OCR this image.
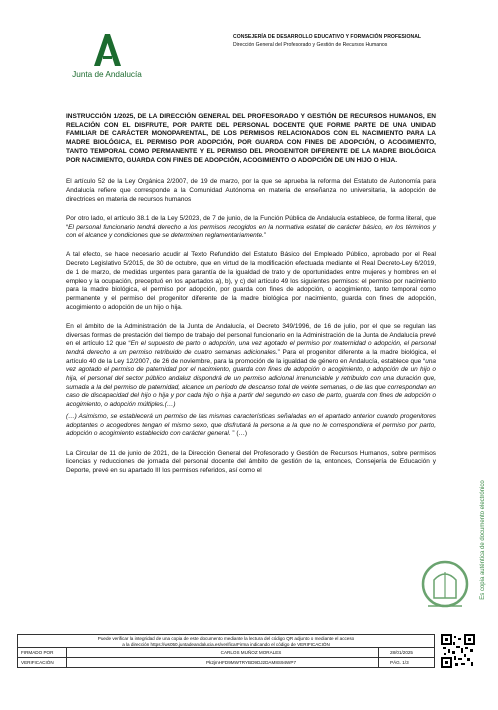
Junta de Andalucía
CONSEJERÍA DE DESARROLLO EDUCATIVO Y FORMACIÓN PROFESIONAL
Dirección General del Profesorado y Gestión de Recursos Humanos

INSTRUCCIÓN 1/2025, DE LA DIRECCIÓN GENERAL DEL PROFESORADO Y GESTIÓN DE RECURSOS HUMANOS, EN RELACIÓN CON EL DISFRUTE, POR PARTE DEL PERSONAL DOCENTE QUE FORME PARTE DE UNA UNIDAD FAMILIAR DE CARÁCTER MONOPARENTAL, DE LOS PERMISOS RELACIONADOS CON EL NACIMIENTO PARA LA MADRE BIOLÓGICA, EL PERMISO POR ADOPCIÓN, POR GUARDA CON FINES DE ADOPCIÓN, O ACOGIMIENTO, TANTO TEMPORAL COMO PERMANENTE Y EL PERMISO DEL PROGENITOR DIFERENTE DE LA MADRE BIOLÓGICA POR NACIMIENTO, GUARDA CON FINES DE ADOPCIÓN, ACOGIMIENTO O ADOPCIÓN DE UN HIJO O HIJA.

El artículo 52 de la Ley Orgánica 2/2007, de 19 de marzo, por la que se aprueba la reforma del Estatuto de Autonomía para Andalucía refiere que corresponde a la Comunidad Autónoma en materia de enseñanza no universitaria, la adopción de directrices en materia de recursos humanos

Por otro lado, el artículo 38.1 de la Ley 5/2023, de 7 de junio, de la Función Pública de Andalucía establece, de forma literal, que “El personal funcionario tendrá derecho a los permisos recogidos en la normativa estatal de carácter básico, en los términos y con el alcance y condiciones que se determinen reglamentariamente.”

A tal efecto, se hace necesario acudir al Texto Refundido del Estatuto Básico del Empleado Público, aprobado por el Real Decreto Legislativo 5/2015, de 30 de octubre, que en virtud de la modificación efectuada mediante el Real Decreto-Ley 6/2019, de 1 de marzo, de medidas urgentes para garantía de la igualdad de trato y de oportunidades entre mujeres y hombres en el empleo y la ocupación, preceptuó en los apartados a), b), y c) del artículo 49 los siguientes permisos: el permiso por nacimiento para la madre biológica, el permiso por adopción, por guarda con fines de adopción, o acogimiento, tanto temporal como permanente y el permiso del progenitor diferente de la madre biológica por nacimiento, guarda con fines de adopción, acogimiento o adopción de un hijo o hija.

En el ámbito de la Administración de la Junta de Andalucía, el Decreto 349/1996, de 16 de julio, por el que se regulan las diversas formas de prestación del tiempo de trabajo del personal funcionario en la Administración de la Junta de Andalucía prevé en el artículo 12 que “En el supuesto de parto o adopción, una vez agotado el permiso por maternidad o adopción, el personal tendrá derecho a un permiso retribuido de cuatro semanas adicionales.” Para el progenitor diferente a la madre biológica, el artículo 40 de la Ley 12/2007, de 26 de noviembre, para la promoción de la igualdad de género en Andalucía, establece que “una vez agotado el permiso de paternidad por el nacimiento, guarda con fines de adopción o acogimiento, o adopción de un hijo o hija, el personal del sector público andaluz dispondrá de un permiso adicional irrenunciable y retribuido con una duración que, sumada a la del permiso de paternidad, alcance un período de descanso total de veinte semanas, o de las que correspondan en caso de discapacidad del hijo o hija y por cada hijo o hija a partir del segundo en caso de parto, guarda con fines de adopción o acogimiento, o adopción múltiples.(…)

(…) Asimismo, se establecerá un permiso de las mismas características señaladas en el apartado anterior cuando progenitores adoptantes o acogedores tengan el mismo sexo, que disfrutará la persona a la que no le correspondiera el permiso por parto, adopción o acogimiento establecido con carácter general. ” (…)

La Circular de 11 de junio de 2021, de la Dirección General del Profesorado y Gestión de Recursos Humanos, sobre permisos licencias y reducciones de jornada del personal docente del ámbito de gestión de la, entonces, Consejería de Educación y Deporte, prevé en su apartado III los permisos referidos, así como el

Es copia auténtica de documento electrónico
Puede verificar la integridad de una copia de este documento mediante la lectura del código QR adjunto o mediante el acceso
a la dirección https://ws050.juntadeandalucia.es/verificarFirma indicando el código de VERIFICACIÓN
FIRMADO POR	CARLOS MUÑOZ MORALES	28/01/2025
VERIFICACIÓN	Pk2jmHFD9MWTRYBD9DJ2DAM8S94WP7	PÁG. 1/3
